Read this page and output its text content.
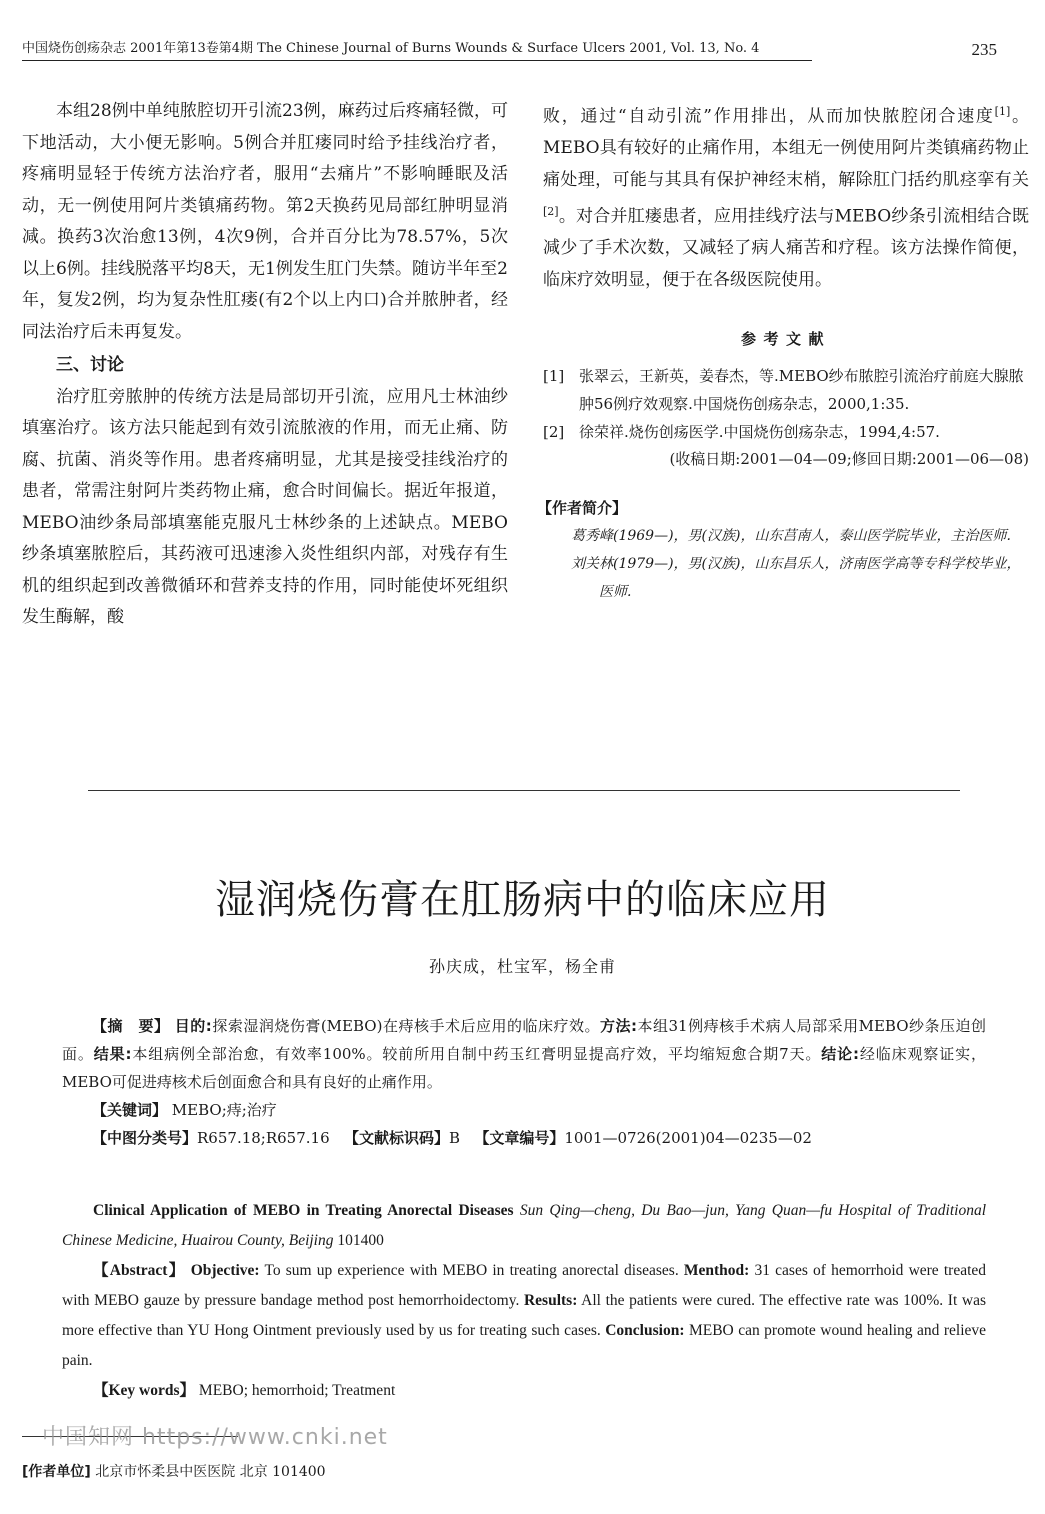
中国烧伤创疡杂志 2001年第13卷第4期 The Chinese Journal of Burns Wounds & Surface Ulcers 2001, Vol. 13, No. 4	235

本组28例中单纯脓腔切开引流23例，麻药过后疼痛轻微，可下地活动，大小便无影响。5例合并肛瘘同时给予挂线治疗者，疼痛明显轻于传统方法治疗者，服用“去痛片”不影响睡眠及活动，无一例使用阿片类镇痛药物。第2天换药见局部红肿明显消减。换药3次治愈13例，4次9例，合并百分比为78.57%，5次以上6例。挂线脱落平均8天，无1例发生肛门失禁。随访半年至2年，复发2例，均为复杂性肛瘘(有2个以上内口)合并脓肿者，经同法治疗后未再复发。

三、讨论

治疗肛旁脓肿的传统方法是局部切开引流，应用凡士林油纱填塞治疗。该方法只能起到有效引流脓液的作用，而无止痛、防腐、抗菌、消炎等作用。患者疼痛明显，尤其是接受挂线治疗的患者，常需注射阿片类药物止痛，愈合时间偏长。据近年报道，MEBO油纱条局部填塞能克服凡士林纱条的上述缺点。MEBO纱条填塞脓腔后，其药液可迅速渗入炎性组织内部，对残存有生机的组织起到改善微循环和营养支持的作用，同时能使坏死组织发生酶解，酸

败，通过“自动引流”作用排出，从而加快脓腔闭合速度[1]。MEBO具有较好的止痛作用，本组无一例使用阿片类镇痛药物止痛处理，可能与其具有保护神经末梢，解除肛门括约肌痉挛有关[2]。对合并肛瘘患者，应用挂线疗法与MEBO纱条引流相结合既减少了手术次数，又减轻了病人痛苦和疗程。该方法操作简便，临床疗效明显，便于在各级医院使用。

参考文献
[1] 张翠云，王新英，姜春杰，等.MEBO纱布脓腔引流治疗前庭大腺脓肿56例疗效观察.中国烧伤创疡杂志，2000,1:35.
[2] 徐荣祥.烧伤创疡医学.中国烧伤创疡杂志，1994,4:57.
(收稿日期:2001—04—09;修回日期:2001—06—08)
【作者简介】

葛秀峰(1969—)，男(汉族)，山东莒南人，泰山医学院毕业，主治医师.

刘关林(1979—)，男(汉族)，山东昌乐人，济南医学高等专科学校毕业，医师.

湿润烧伤膏在肛肠病中的临床应用
孙庆成，杜宝军，杨全甫

【摘　要】 目的:探索湿润烧伤膏(MEBO)在痔核手术后应用的临床疗效。方法:本组31例痔核手术病人局部采用MEBO纱条压迫创面。结果:本组病例全部治愈，有效率100%。较前所用自制中药玉红膏明显提高疗效，平均缩短愈合期7天。结论:经临床观察证实，MEBO可促进痔核术后创面愈合和具有良好的止痛作用。

【关键词】 MEBO;痔;治疗

【中图分类号】R657.18;R657.16 【文献标识码】B 【文章编号】1001—0726(2001)04—0235—02

Clinical Application of MEBO in Treating Anorectal Diseases Sun Qing—cheng, Du Bao—jun, Yang Quan—fu Hospital of Traditional Chinese Medicine, Huairou County, Beijing 101400

【Abstract】 Objective: To sum up experience with MEBO in treating anorectal diseases. Menthod: 31 cases of hemorrhoid were treated with MEBO gauze by pressure bandage method post hemorrhoidectomy. Results: All the patients were cured. The effective rate was 100%. It was more effective than YU Hong Ointment previously used by us for treating such cases. Conclusion: MEBO can promote wound healing and relieve pain.

【Key words】 MEBO; hemorrhoid; Treatment

中国知网 https://www.cnki.net
[作者单位] 北京市怀柔县中医医院 北京 101400
